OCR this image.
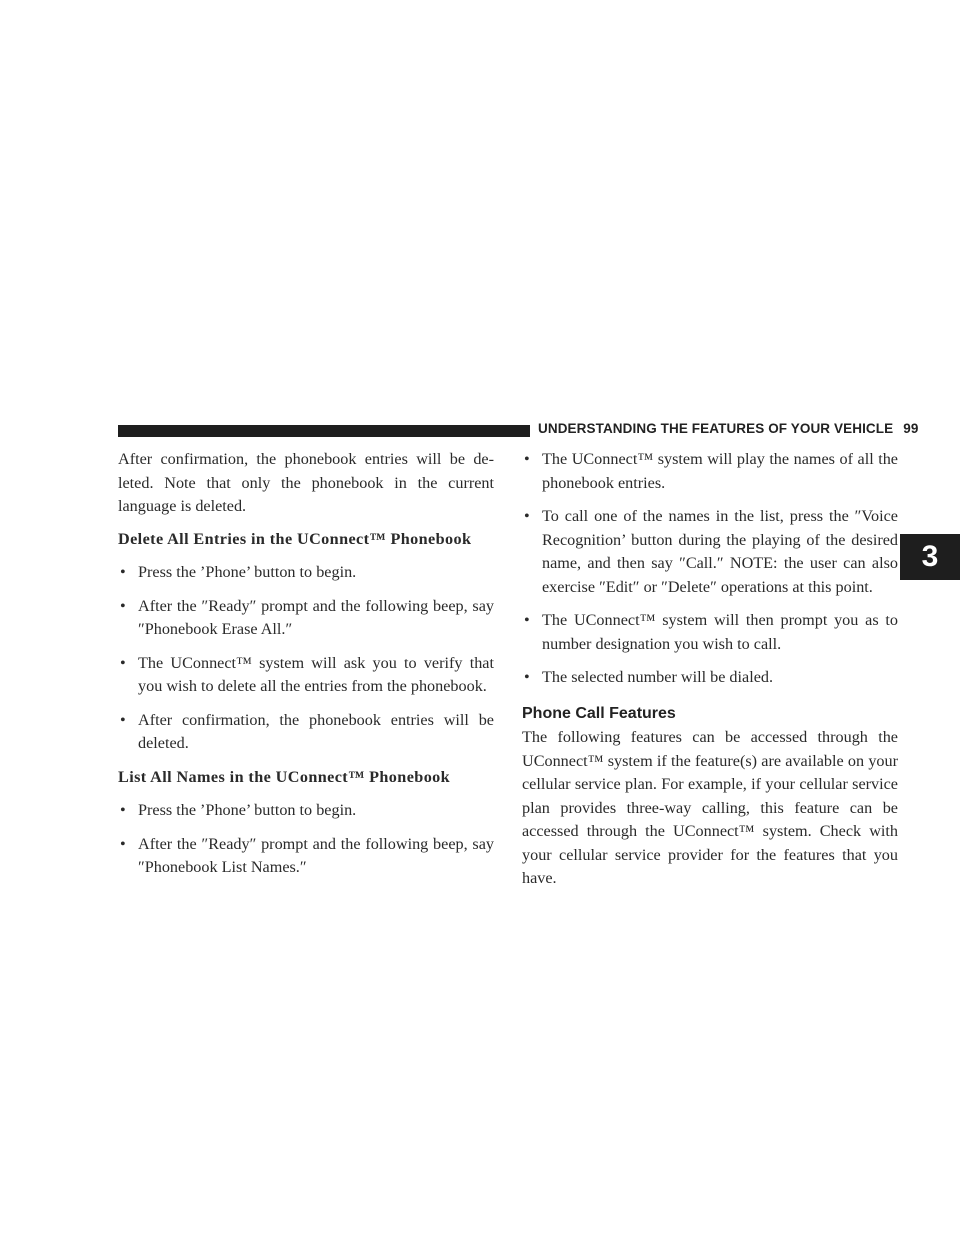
UNDERSTANDING THE FEATURES OF YOUR VEHICLE 99
3

After confirmation, the phonebook entries will be de-leted. Note that only the phonebook in the current language is deleted.

Delete All Entries in the UConnect™ Phonebook
• Press the ’Phone’ button to begin.
• After the ″Ready″ prompt and the following beep, say ″Phonebook Erase All.″
• The UConnect™ system will ask you to verify that you wish to delete all the entries from the phonebook.
• After confirmation, the phonebook entries will be deleted.
List All Names in the UConnect™ Phonebook
• Press the ’Phone’ button to begin.
• After the ″Ready″ prompt and the following beep, say ″Phonebook List Names.″
• The UConnect™ system will play the names of all the phonebook entries.
• To call one of the names in the list, press the ″Voice Recognition’ button during the playing of the desired name, and then say ″Call.″ NOTE: the user can also exercise ″Edit″ or ″Delete″ operations at this point.
• The UConnect™ system will then prompt you as to number designation you wish to call.
• The selected number will be dialed.
Phone Call Features

The following features can be accessed through the UConnect™ system if the feature(s) are available on your cellular service plan. For example, if your cellular service plan provides three-way calling, this feature can be accessed through the UConnect™ system. Check with your cellular service provider for the features that you have.
